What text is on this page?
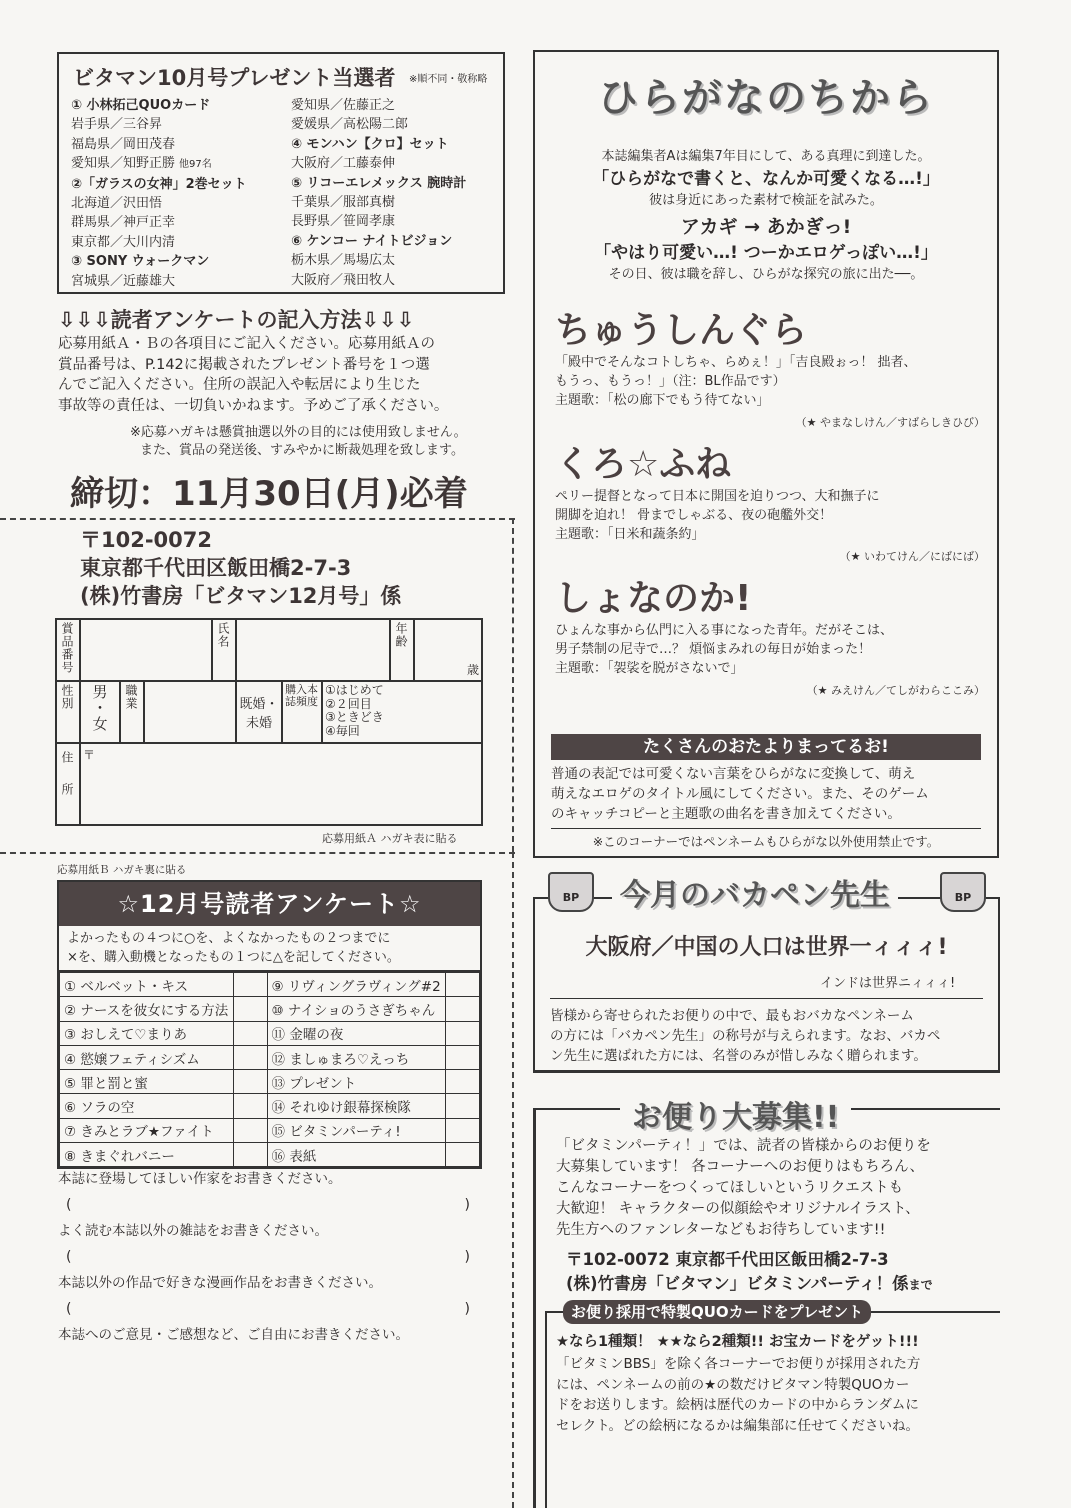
ビタマン10月号プレゼント当選者 ※順不同・敬称略
① 小林拓己QUOカード
岩手県／三谷昇
福島県／岡田茂春
愛知県／知野正勝 他97名
②「ガラスの女神」2巻セット
北海道／沢田悟
群馬県／神戸正幸
東京都／大川内清
③ SONY ウォークマン
宮城県／近藤雄大
愛知県／佐藤正之
愛媛県／高松陽二郎
④ モンハン【クロ】セット
大阪府／工藤泰伸
⑤ リコーエレメックス 腕時計
千葉県／服部真樹
長野県／笹岡孝康
⑥ ケンコー ナイトビジョン
栃木県／馬場広太
大阪府／飛田牧人
⇩⇩⇩読者アンケートの記入方法⇩⇩⇩
応募用紙Ａ・Ｂの各項目にご記入ください。応募用紙Ａの
賞品番号は、P.142に掲載されたプレゼント番号を１つ選
んでご記入ください。住所の誤記入や転居により生じた
事故等の責任は、一切負いかねます。予めご了承ください。
※応募ハガキは懸賞抽選以外の目的には使用致しません。
また、賞品の発送後、すみやかに断裁処理を致します。
締切：11月30日(月)必着
〒102-0072
東京都千代田区飯田橋2-7-3
(株)竹書房「ビタマン12月号」係
賞品番号				氏名				年齢	歳
性別	男・女	職業			既婚・未婚	購入本誌頻度	①はじめて
②２回目
③ときどき
④毎回		

住所	〒								
応募用紙Ａ ハガキ表に貼る
応募用紙Ｂ ハガキ裏に貼る
☆12月号読者アンケート☆
よかったもの４つに○を、よくなかったもの２つまでに
×を、購入動機となったもの１つに△を記してください。
① ベルベット・キス		⑨ リヴィングラヴィング#2	
② ナースを彼女にする方法		⑩ ナイショのうさぎちゃん	
③ おしえて♡まりあ		⑪ 金曜の夜	
④ 慾嬢フェティシズム		⑫ ましゅまろ♡えっち	
⑤ 罪と罰と蜜		⑬ プレゼント	
⑥ ソラの空		⑭ それゆけ銀幕探検隊	
⑦ きみとラブ★ファイト		⑮ ビタミンパーティ!	
⑧ きまぐれバニー		⑯ 表紙	
本誌に登場してほしい作家をお書きください。
(	)
よく読む本誌以外の雑誌をお書きください。
(	)
本誌以外の作品で好きな漫画作品をお書きください。
(	)
本誌へのご意見・ご感想など、ご自由にお書きください。
ひらがなのちから
本誌編集者Aは編集7年目にして、ある真理に到達した。
「ひらがなで書くと、なんか可愛くなる…!」
彼は身近にあった素材で検証を試みた。
アカギ → あかぎっ!
「やはり可愛い…! つーかエロゲっぽい…!」
その日、彼は職を辞し、ひらがな探究の旅に出た──。
ちゅうしんぐら
「殿中でそんなコトしちゃ、らめぇ！」「吉良殿ぉっ！ 拙者、
もうっ、もうっ！」（注：BL作品です）
主題歌：「松の廊下でもう待てない」
（★ やまなしけん／すばらしきひび）
くろ☆ふね
ペリー提督となって日本に開国を迫りつつ、大和撫子に
開脚を迫れ！ 骨までしゃぶる、夜の砲艦外交！
主題歌：「日米和蔬条約」
（★ いわてけん／にばにば）
しょなのか!
ひょんな事から仏門に入る事になった青年。だがそこは、
男子禁制の尼寺で…？ 煩悩まみれの毎日が始まった！
主題歌：「袈裟を脱がさないで」
（★ みえけん／てしがわらここみ）
たくさんのおたよりまってるお!
普通の表記では可愛くない言葉をひらがなに変換して、萌え
萌えなエロゲのタイトル風にしてください。また、そのゲーム
のキャッチコピーと主題歌の曲名を書き加えてください。
※このコーナーではペンネームもひらがな以外使用禁止です。
BP	BP
今月のバカペン先生
大阪府／中国の人口は世界一ィィィ!
インドは世界ニィィィ!
皆様から寄せられたお便りの中で、最もおバカなペンネーム
の方には「バカペン先生」の称号が与えられます。なお、バカペ
ン先生に選ばれた方には、名誉のみが惜しみなく贈られます。
お便り大募集!!
「ビタミンパーティ！」では、読者の皆様からのお便りを
大募集しています！ 各コーナーへのお便りはもちろん、
こんなコーナーをつくってほしいというリクエストも
大歓迎！ キャラクターの似顔絵やオリジナルイラスト、
先生方へのファンレターなどもお待ちしています!!
〒102-0072 東京都千代田区飯田橋2-7-3
(株)竹書房「ビタマン」ビタミンパーティ！係まで
お便り採用で特製QUOカードをプレゼント
★なら1種類！ ★★なら2種類!! お宝カードをゲット!!!
「ビタミンBBS」を除く各コーナーでお便りが採用された方
には、ペンネームの前の★の数だけビタマン特製QUOカー
ドをお送りします。絵柄は歴代のカードの中からランダムに
セレクト。どの絵柄になるかは編集部に任せてくださいね。
